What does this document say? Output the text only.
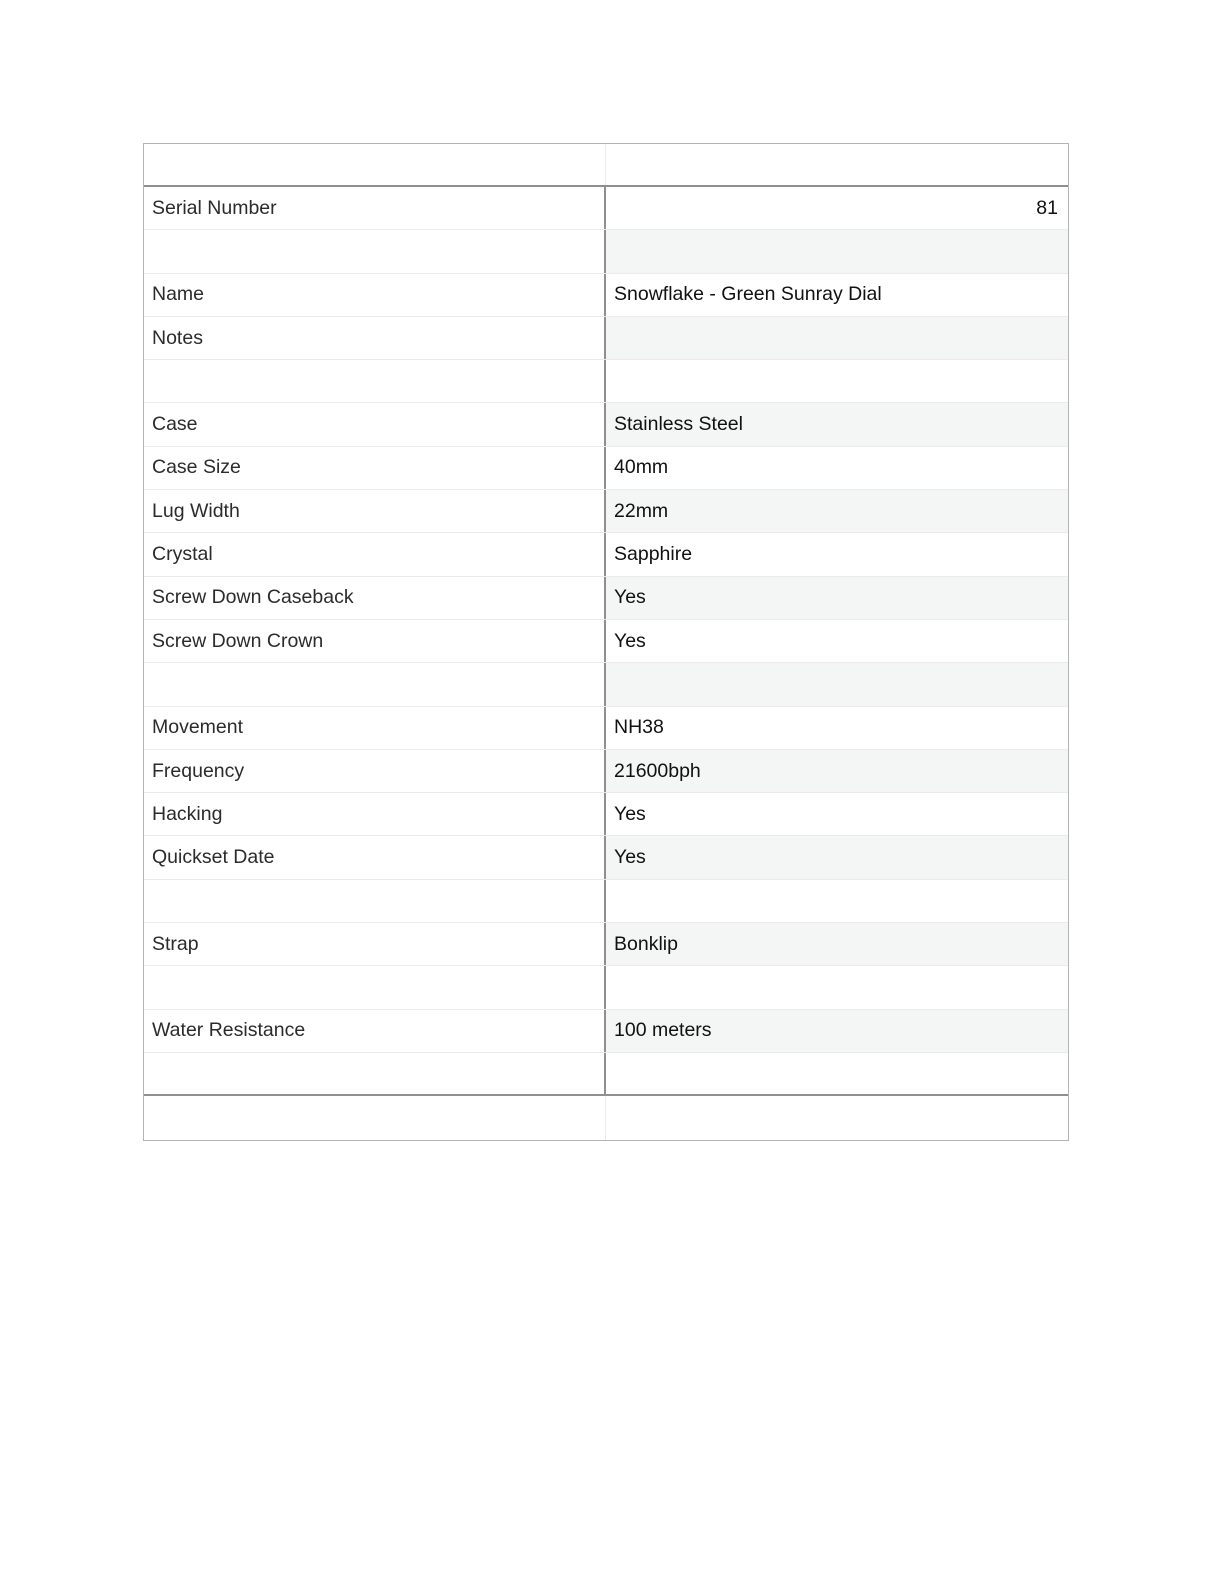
Serial Number	81
Name	Snowflake - Green Sunray Dial
Notes
Case	Stainless Steel
Case Size	40mm
Lug Width	22mm
Crystal	Sapphire
Screw Down Caseback	Yes
Screw Down Crown	Yes
Movement	NH38
Frequency	21600bph
Hacking	Yes
Quickset Date	Yes
Strap	Bonklip
Water Resistance	100 meters
